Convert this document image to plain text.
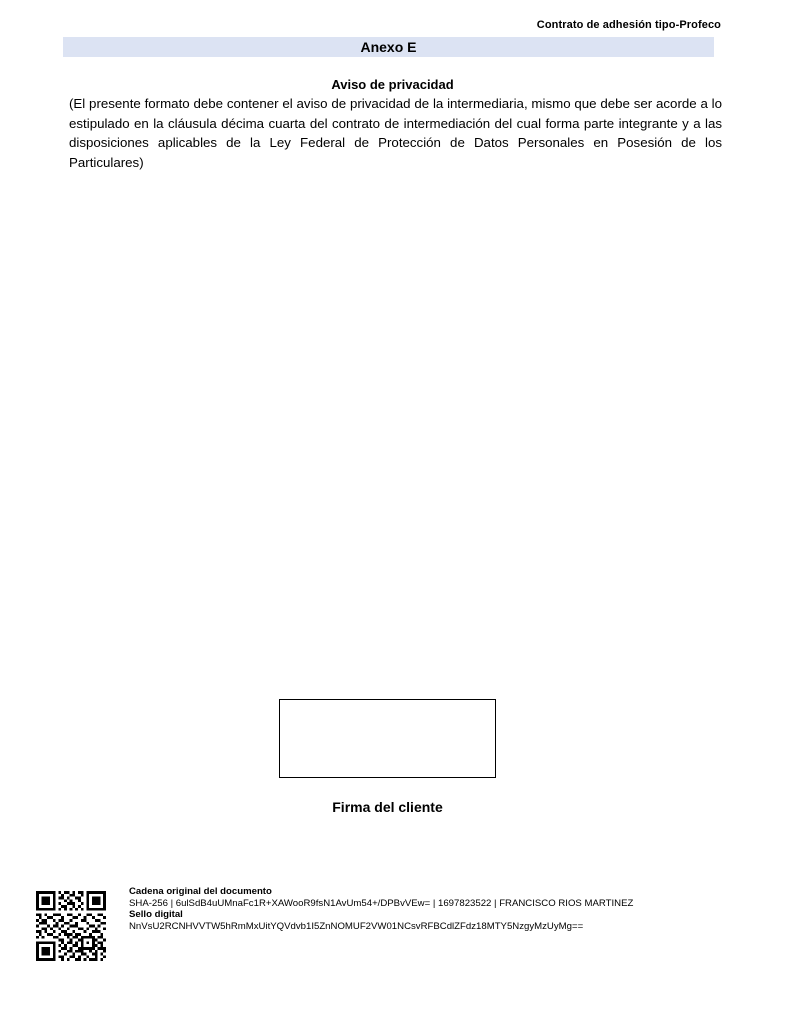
Contrato de adhesión tipo-Profeco
Anexo E
Aviso de privacidad
(El presente formato debe contener el aviso de privacidad de la intermediaria, mismo que debe ser acorde a lo estipulado en la cláusula décima cuarta del contrato de intermediación del cual forma parte integrante y a las disposiciones aplicables de la Ley Federal de Protección de Datos Personales en Posesión de los Particulares)
Firma del cliente
Cadena original del documento
SHA-256 | 6ulSdB4uUMnaFc1R+XAWooR9fsN1AvUm54+/DPBvVEw= | 1697823522 | FRANCISCO RIOS MARTINEZ
Sello digital
NnVsU2RCNHVVTW5hRmMxUitYQVdvb1I5ZnNOMUF2VW01NCsvRFBCdlZFdz18MTY5NzgyMzUyMg==
